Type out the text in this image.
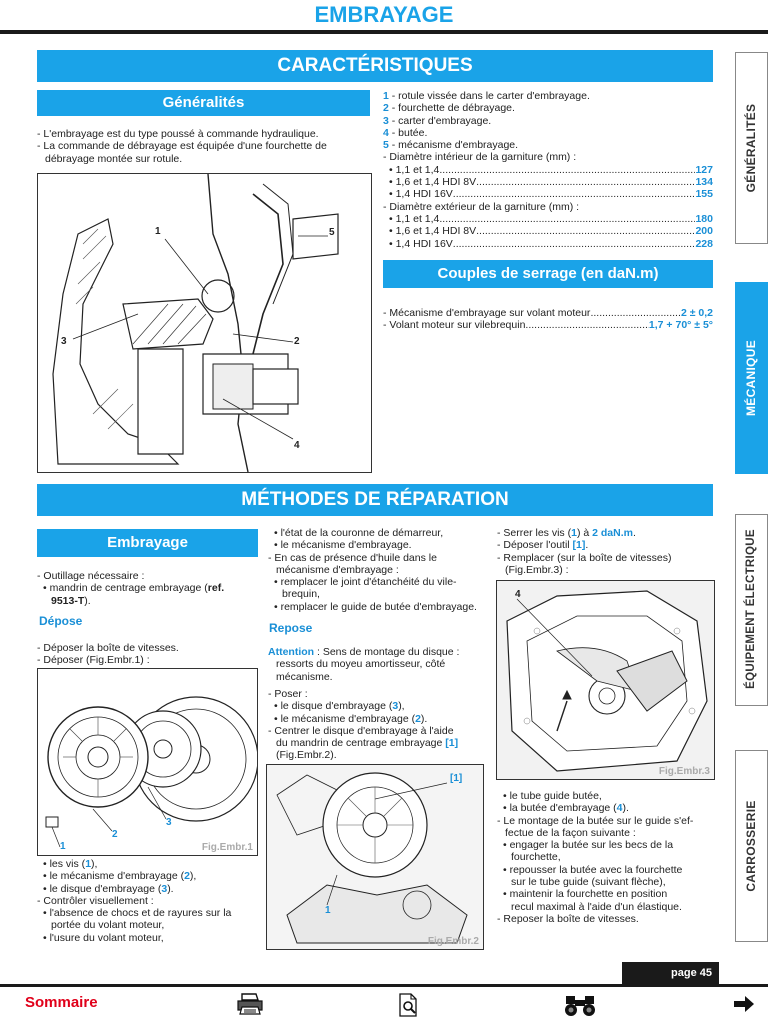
EMBRAYAGE
CARACTÉRISTIQUES
Généralités
- L'embrayage est du type poussé à commande hydraulique.
- La commande de débrayage est équipée d'une fourchette de
débrayage montée sur rotule.
1
2
3
4
5
1 - rotule vissée dans le carter d'embrayage.
2 - fourchette de débrayage.
3 - carter d'embrayage.
4 - butée.
5 - mécanisme d'embrayage.
- Diamètre intérieur de la garniture (mm) :
• 1,1 et 1,4 .....	127
• 1,6 et 1,4 HDI 8V .....	134
• 1,4 HDI 16V .....	155
- Diamètre extérieur de la garniture (mm) :
• 1,1 et 1,4 .....	180
• 1,6 et 1,4 HDI 8V .....	200
• 1,4 HDI 16V .....	228
Couples de serrage (en daN.m)
- Mécanisme d'embrayage sur volant moteur .....	2 ± 0,2
- Volant moteur sur vilebrequin .....	1,7 + 70° ± 5°
MÉTHODES DE RÉPARATION
Embrayage
- Outillage nécessaire :
• mandrin de centrage embrayage (ref.
9513-T).
Dépose
- Déposer la boîte de vitesses.
- Déposer (Fig.Embr.1) :
1
2
3
Fig.Embr.1
• les vis (1),
• le mécanisme d'embrayage (2),
• le disque d'embrayage (3).
- Contrôler visuellement :
• l'absence de chocs et de rayures sur la
portée du volant moteur,
• l'usure du volant moteur,
• l'état de la couronne de démarreur,
• le mécanisme d'embrayage.
- En cas de présence d'huile dans le
mécanisme d'embrayage :
• remplacer le joint d'étanchéité du vile-
brequin,
• remplacer le guide de butée d'embrayage.
Repose
Attention : Sens de montage du disque :
ressorts du moyeu amortisseur, côté
mécanisme.
- Poser :
• le disque d'embrayage (3),
• le mécanisme d'embrayage (2).
- Centrer le disque d'embrayage à l'aide
du mandrin de centrage embrayage [1]
(Fig.Embr.2).
[1]
1
Fig.Embr.2
- Serrer les vis (1) à 2 daN.m.
- Déposer l'outil [1].
- Remplacer (sur la boîte de vitesses)
(Fig.Embr.3) :
4
Fig.Embr.3
• le tube guide butée,
• la butée d'embrayage (4).
- Le montage de la butée sur le guide s'ef-
fectue de la façon suivante :
• engager la butée sur les becs de la
fourchette,
• repousser la butée avec la fourchette
sur le tube guide (suivant flèche),
• maintenir la fourchette en position
recul maximal à l'aide d'un élastique.
- Reposer la boîte de vitesses.
GÉNÉRALITÉS
MÉCANIQUE
ÉQUIPEMENT ÉLECTRIQUE
CARROSSERIE
page 45
Sommaire
